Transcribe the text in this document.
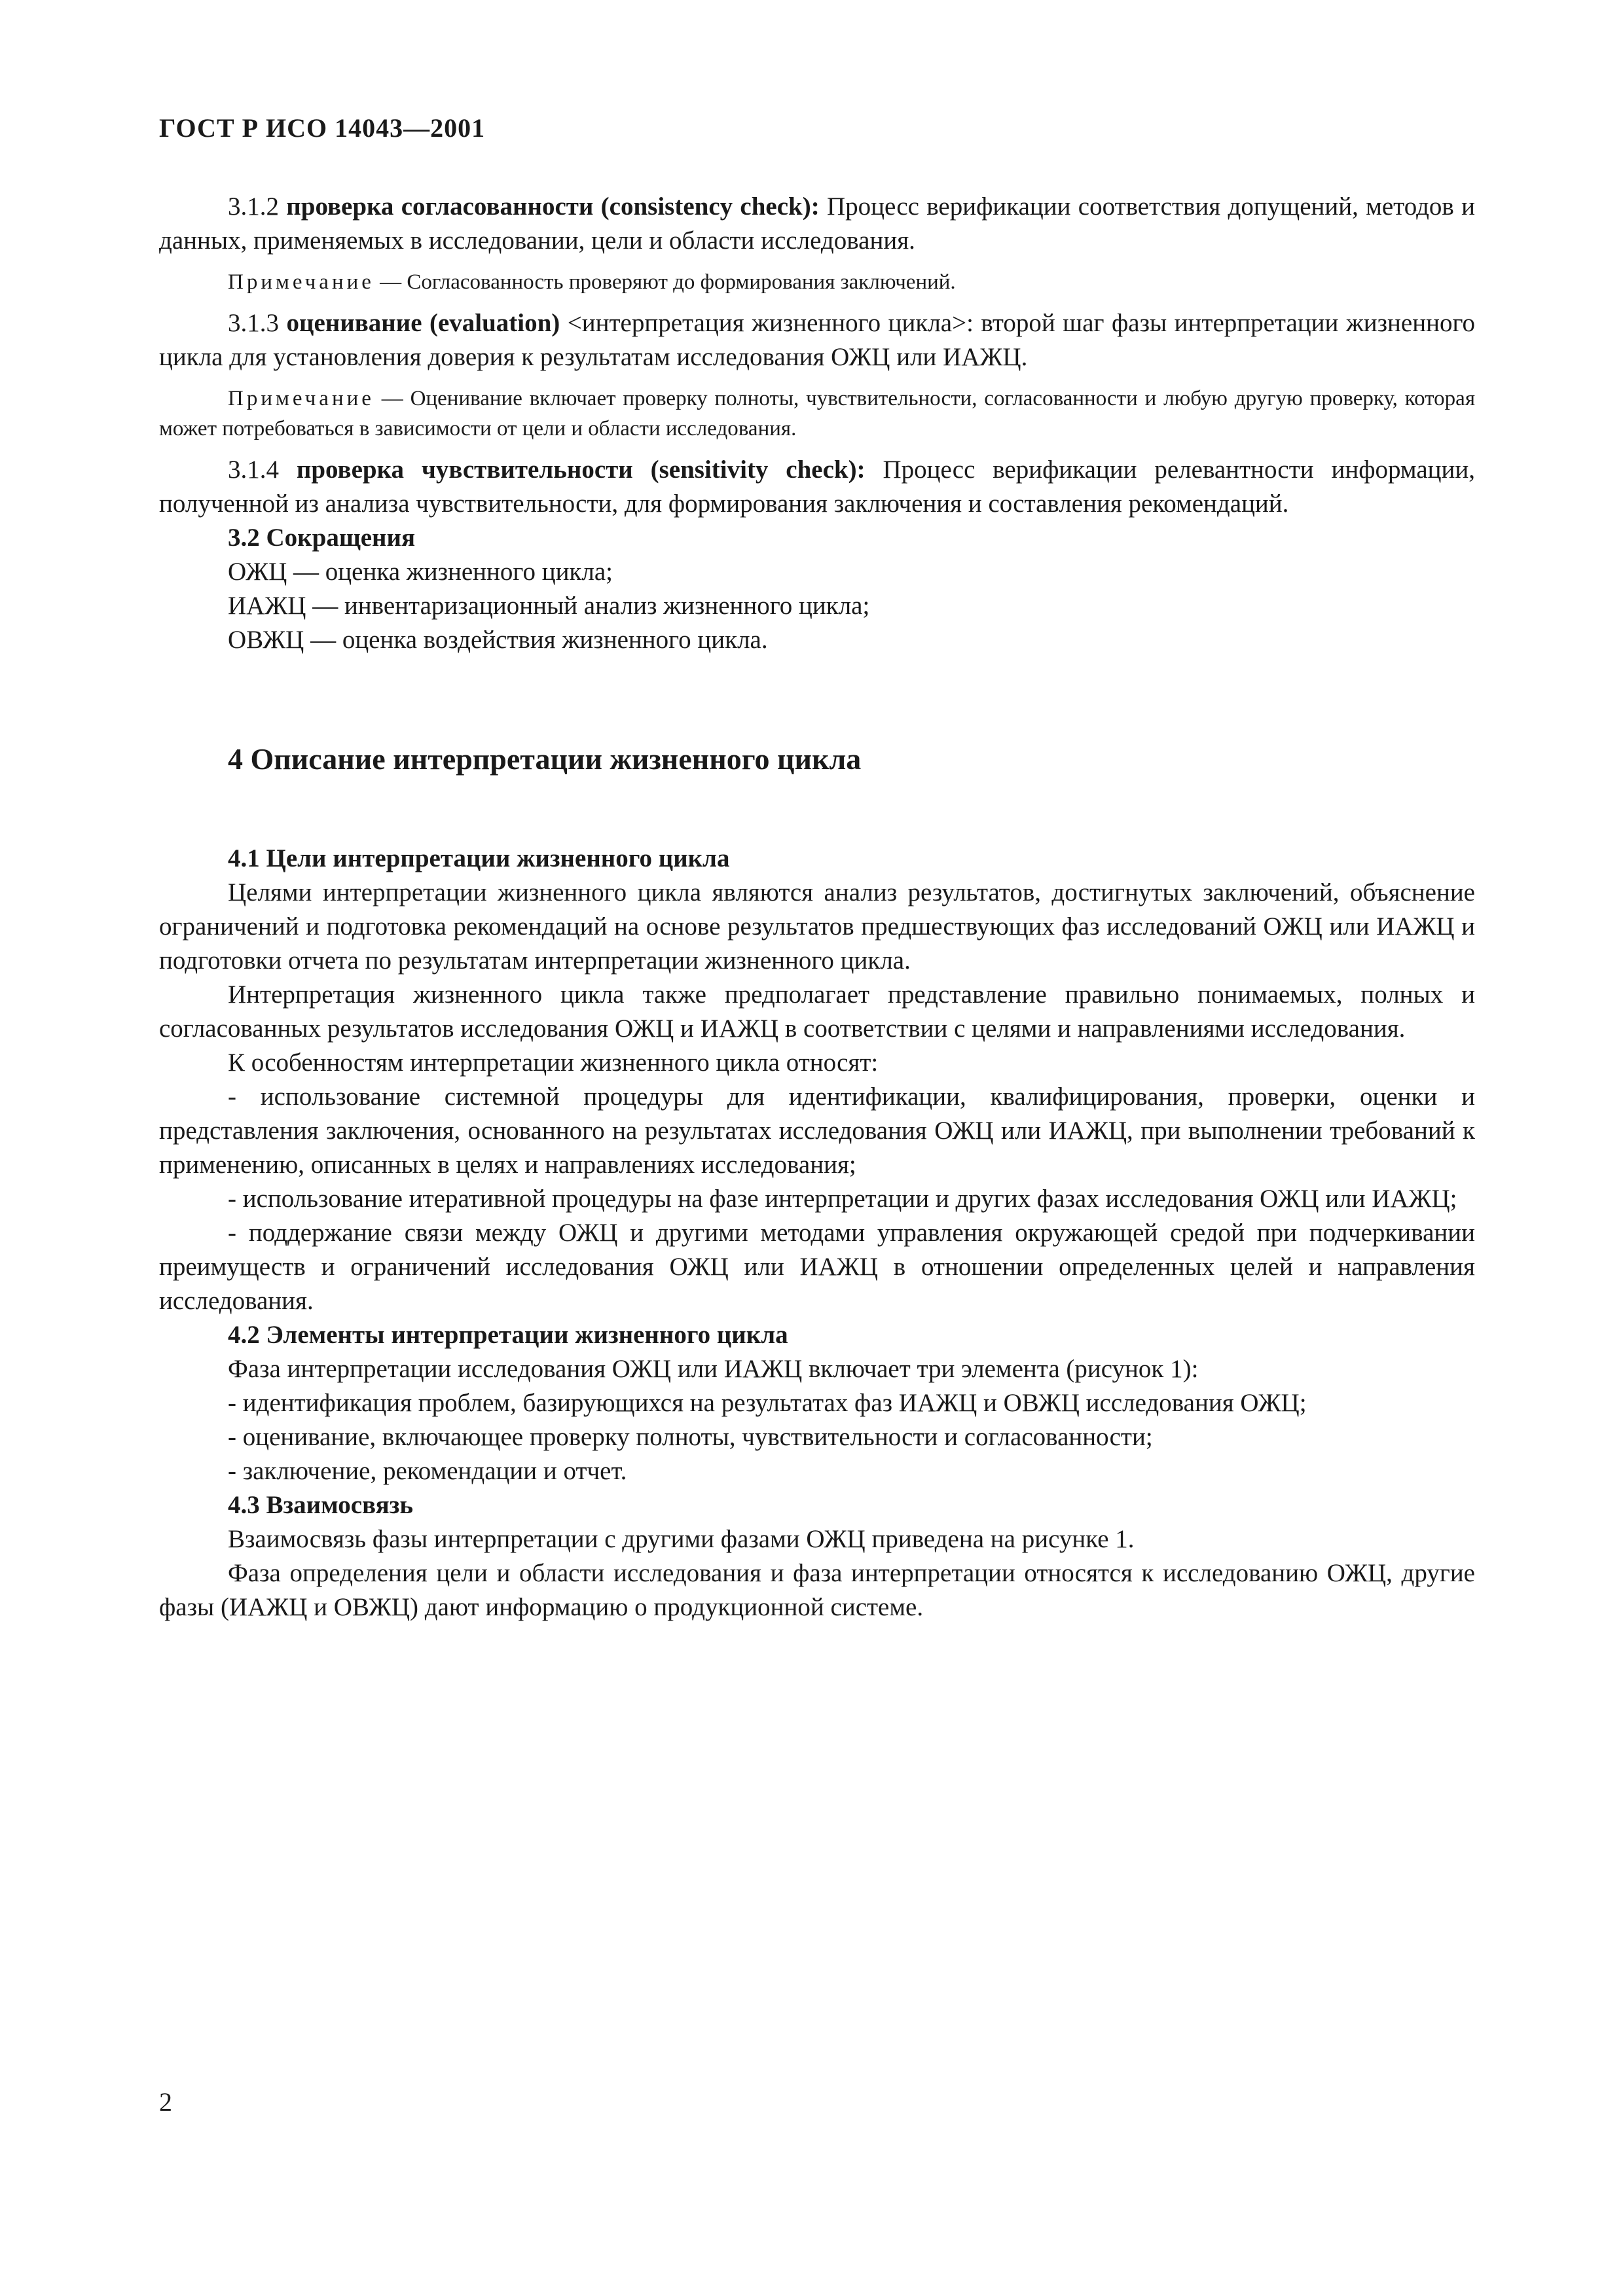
ГОСТ Р ИСО 14043—2001

3.1.2 проверка согласованности (consistency check): Процесс верификации соответствия допущений, методов и данных, применяемых в исследовании, цели и области исследования.

Примечание — Согласованность проверяют до формирования заключений.

3.1.3 оценивание (evaluation) <интерпретация жизненного цикла>: второй шаг фазы интерпретации жизненного цикла для установления доверия к результатам исследования ОЖЦ или ИАЖЦ.

Примечание — Оценивание включает проверку полноты, чувствительности, согласованности и любую другую проверку, которая может потребоваться в зависимости от цели и области исследования.

3.1.4 проверка чувствительности (sensitivity check): Процесс верификации релевантности информации, полученной из анализа чувствительности, для формирования заключения и составления рекомендаций.

3.2 Сокращения

ОЖЦ — оценка жизненного цикла;

ИАЖЦ — инвентаризационный анализ жизненного цикла;

ОВЖЦ — оценка воздействия жизненного цикла.

4 Описание интерпретации жизненного цикла

4.1 Цели интерпретации жизненного цикла

Целями интерпретации жизненного цикла являются анализ результатов, достигнутых заключений, объяснение ограничений и подготовка рекомендаций на основе результатов предшествующих фаз исследований ОЖЦ или ИАЖЦ и подготовки отчета по результатам интерпретации жизненного цикла.

Интерпретация жизненного цикла также предполагает представление правильно понимаемых, полных и согласованных результатов исследования ОЖЦ и ИАЖЦ в соответствии с целями и направлениями исследования.

К особенностям интерпретации жизненного цикла относят:

- использование системной процедуры для идентификации, квалифицирования, проверки, оценки и представления заключения, основанного на результатах исследования ОЖЦ или ИАЖЦ, при выполнении требований к применению, описанных в целях и направлениях исследования;

- использование итеративной процедуры на фазе интерпретации и других фазах исследования ОЖЦ или ИАЖЦ;

- поддержание связи между ОЖЦ и другими методами управления окружающей средой при подчеркивании преимуществ и ограничений исследования ОЖЦ или ИАЖЦ в отношении определенных целей и направления исследования.

4.2 Элементы интерпретации жизненного цикла

Фаза интерпретации исследования ОЖЦ или ИАЖЦ включает три элемента (рисунок 1):

- идентификация проблем, базирующихся на результатах фаз ИАЖЦ и ОВЖЦ исследования ОЖЦ;

- оценивание, включающее проверку полноты, чувствительности и согласованности;

- заключение, рекомендации и отчет.

4.3 Взаимосвязь

Взаимосвязь фазы интерпретации с другими фазами ОЖЦ приведена на рисунке 1.

Фаза определения цели и области исследования и фаза интерпретации относятся к исследованию ОЖЦ, другие фазы (ИАЖЦ и ОВЖЦ) дают информацию о продукционной системе.

2
